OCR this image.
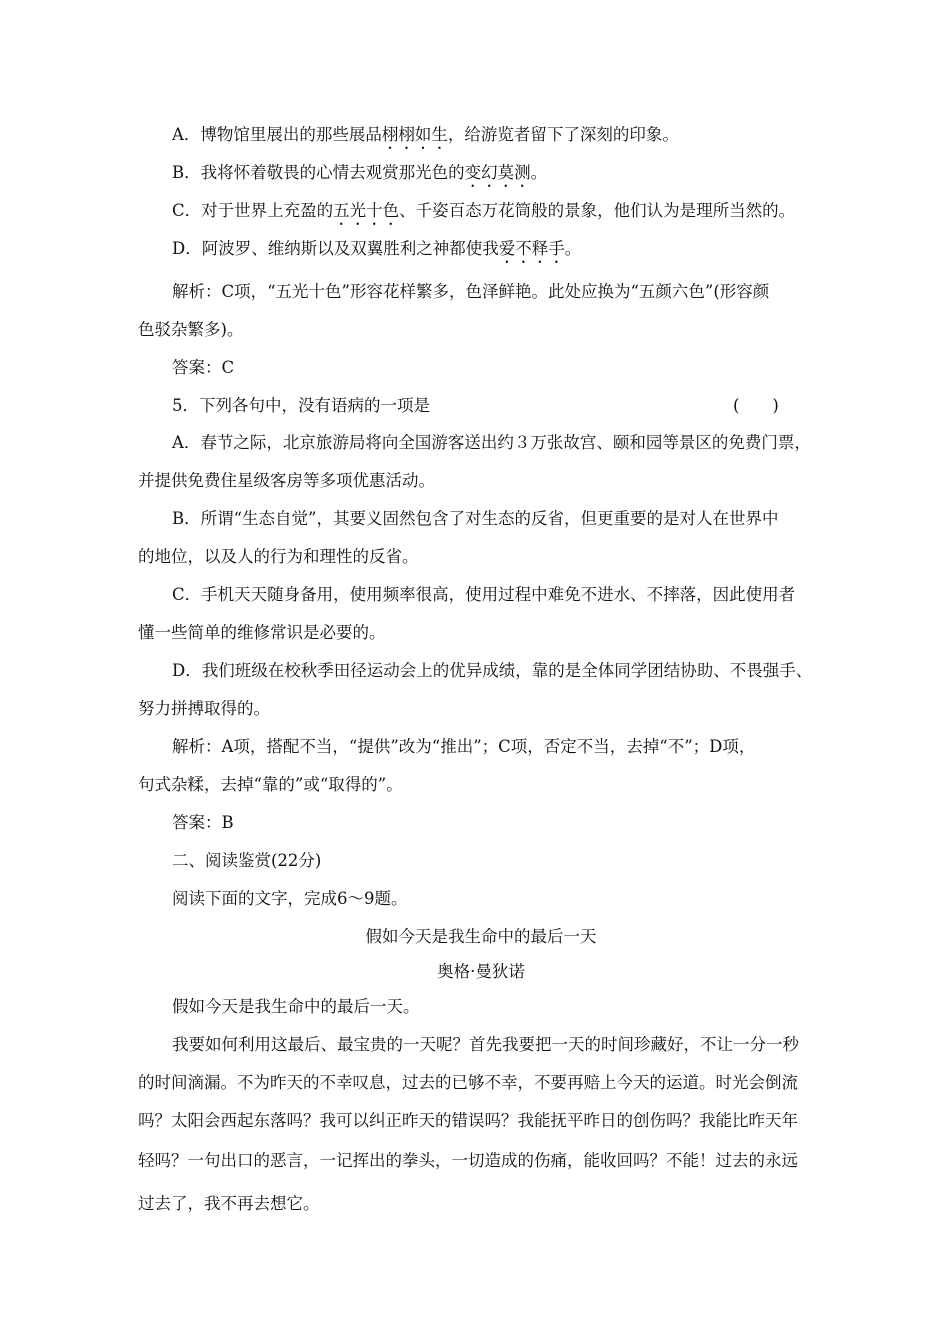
A．博物馆里展出的那些展品栩栩如生，给游览者留下了深刻的印象。
B．我将怀着敬畏的心情去观赏那光色的变幻莫测。
C．对于世界上充盈的五光十色、千姿百态万花筒般的景象，他们认为是理所当然的。
D．阿波罗、维纳斯以及双翼胜利之神都使我爱不释手。
解析：C项，“五光十色”形容花样繁多，色泽鲜艳。此处应换为“五颜六色”(形容颜
色驳杂繁多)。
答案：C
5．下列各句中，没有语病的一项是	(　　)
A．春节之际，北京旅游局将向全国游客送出约３万张故宫、颐和园等景区的免费门票，
并提供免费住星级客房等多项优惠活动。
B．所谓“生态自觉”，其要义固然包含了对生态的反省，但更重要的是对人在世界中
的地位，以及人的行为和理性的反省。
C．手机天天随身备用，使用频率很高，使用过程中难免不进水、不摔落，因此使用者
懂一些简单的维修常识是必要的。
D．我们班级在校秋季田径运动会上的优异成绩，靠的是全体同学团结协助、不畏强手、
努力拼搏取得的。
解析：A项，搭配不当，“提供”改为“推出”；C项，否定不当，去掉“不”；D项，
句式杂糅，去掉“靠的”或“取得的”。
答案：B
二、阅读鉴赏(22分)
阅读下面的文字，完成6～9题。
假如今天是我生命中的最后一天
奥格·曼狄诺
假如今天是我生命中的最后一天。
我要如何利用这最后、最宝贵的一天呢？首先我要把一天的时间珍藏好，不让一分一秒
的时间滴漏。不为昨天的不幸叹息，过去的已够不幸，不要再赔上今天的运道。时光会倒流
吗？太阳会西起东落吗？我可以纠正昨天的错误吗？我能抚平昨日的创伤吗？我能比昨天年
轻吗？一句出口的恶言，一记挥出的拳头，一切造成的伤痛，能收回吗？不能！过去的永远
过去了，我不再去想它。
